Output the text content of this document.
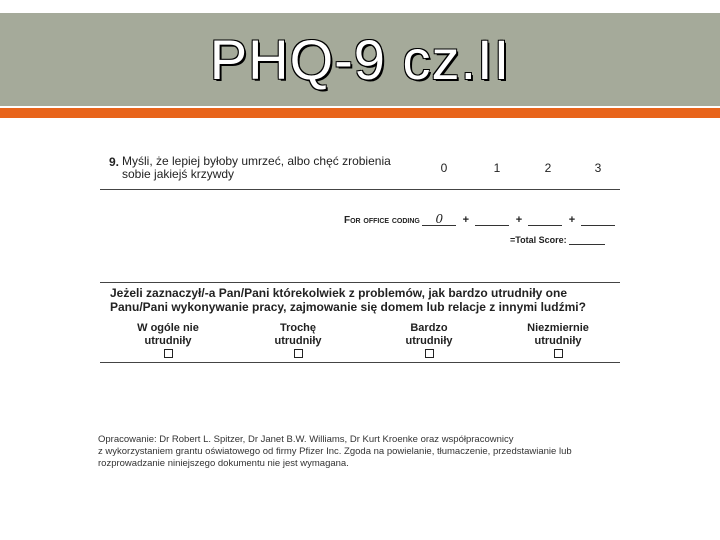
PHQ-9 cz.II
9. Myśli, że lepiej byłoby umrzeć, albo chęć zrobienia sobie jakiejś krzywdy	0	1	2	3
For office coding 0 +	+	+
=Total Score:
Jeżeli zaznaczył/-a Pan/Pani którekolwiek z problemów, jak bardzo utrudniły one Panu/Pani wykonywanie pracy, zajmowanie się domem lub relacje z innymi ludźmi?
W ogóle nie
utrudniły
Trochę
utrudniły
Bardzo
utrudniły
Niezmiernie
utrudniły
Opracowanie: Dr Robert L. Spitzer, Dr Janet B.W. Williams, Dr Kurt Kroenke oraz współpracownicy
z wykorzystaniem grantu oświatowego od firmy Pfizer Inc. Zgoda na powielanie, tłumaczenie, przedstawianie lub
rozprowadzanie niniejszego dokumentu nie jest wymagana.
